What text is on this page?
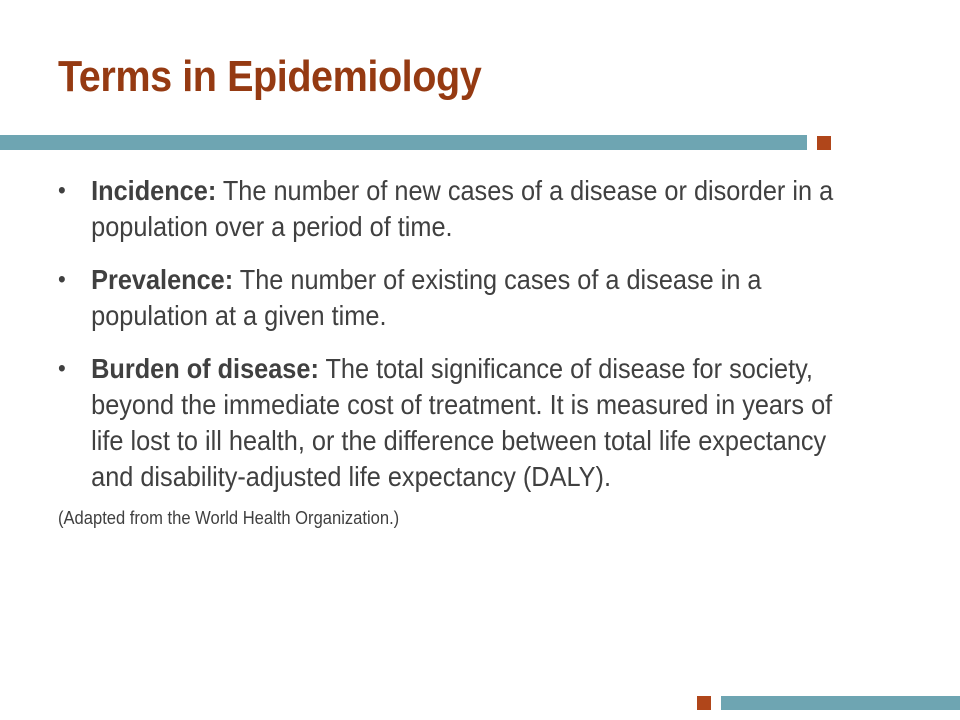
Terms in Epidemiology
• Incidence: The number of new cases of a disease or disorder in a population over a period of time.
• Prevalence: The number of existing cases of a disease in a population at a given time.
• Burden of disease: The total significance of disease for society, beyond the immediate cost of treatment. It is measured in years of life lost to ill health, or the difference between total life expectancy and disability-adjusted life expectancy (DALY).
(Adapted from the World Health Organization.)
